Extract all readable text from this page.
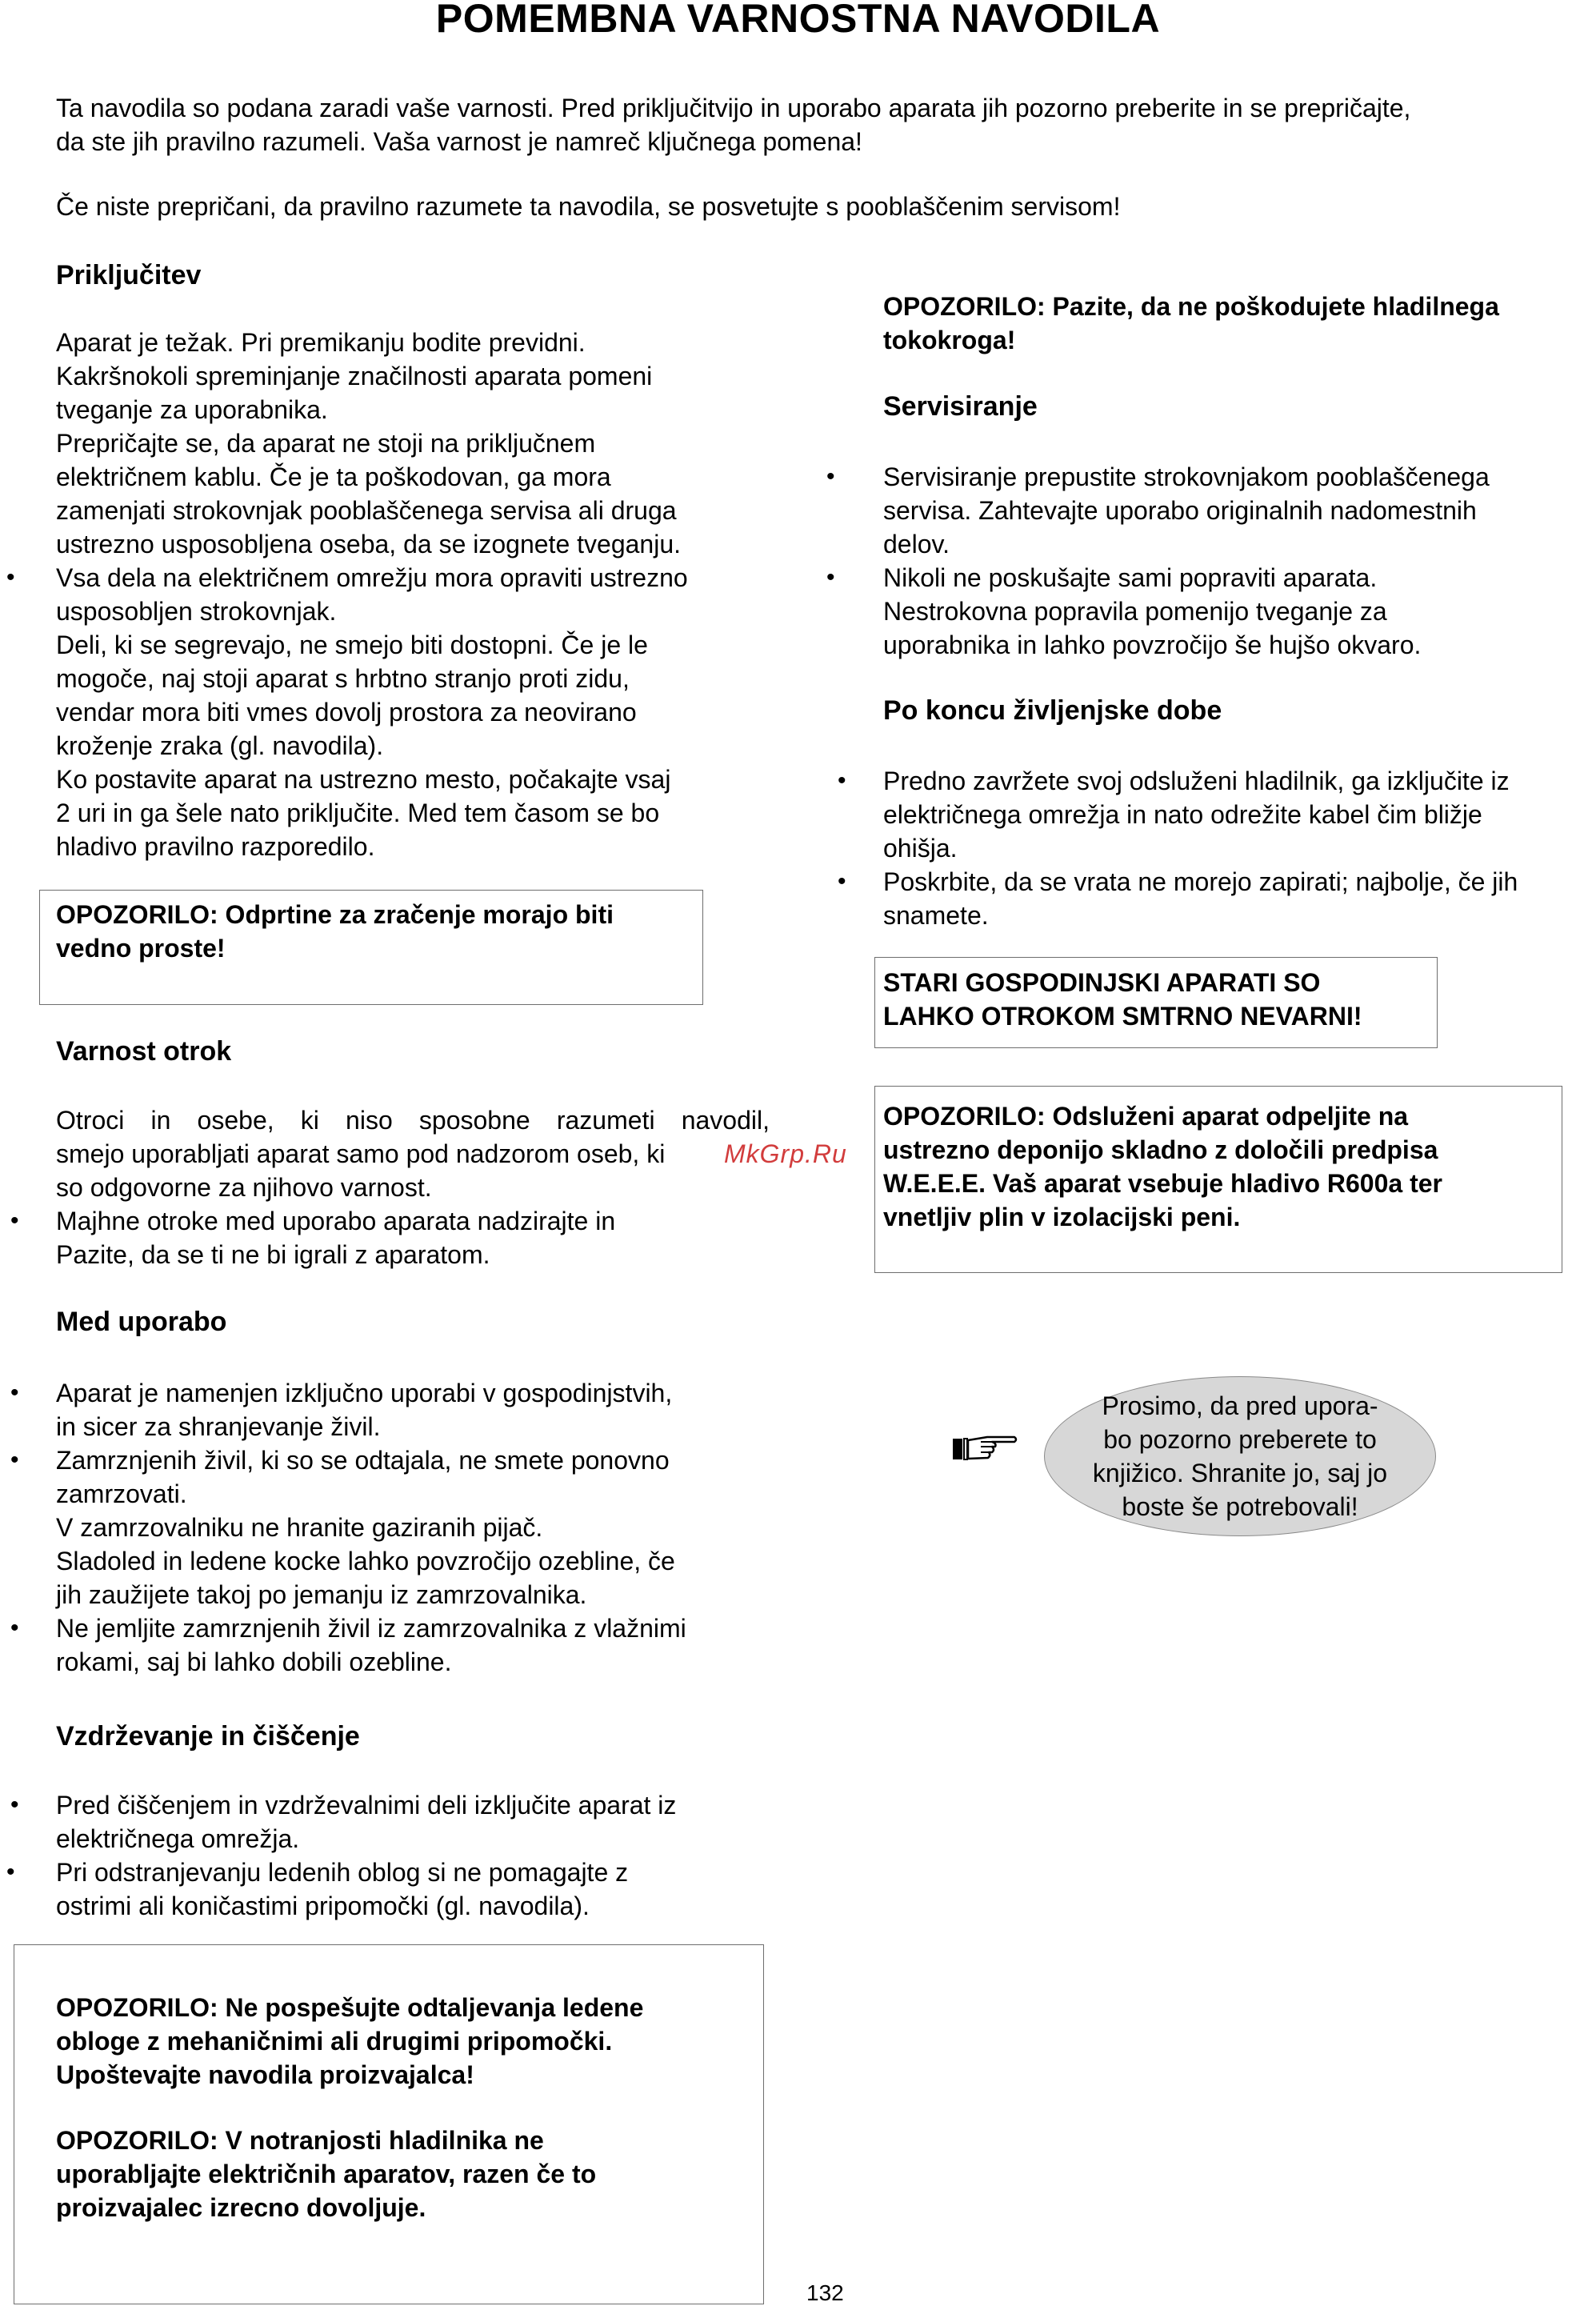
POMEMBNA VARNOSTNA NAVODILA
Ta navodila so podana zaradi vaše varnosti. Pred priključitvijo in uporabo aparata jih pozorno preberite in se prepričajte,
da ste jih pravilno razumeli. Vaša varnost je namreč ključnega pomena!
Če niste prepričani, da pravilno razumete ta navodila, se posvetujte s pooblaščenim servisom!
Priključitev

Aparat je težak. Pri premikanju bodite previdni.

Kakršnokoli spreminjanje značilnosti aparata pomeni

tveganje za uporabnika.

Prepričajte se, da aparat ne stoji na priključnem

električnem kablu. Če je ta poškodovan, ga mora

zamenjati strokovnjak pooblaščenega servisa ali druga

ustrezno usposobljena oseba, da se izognete tveganju.

Vsa dela na električnem omrežju mora opraviti ustrezno

usposobljen strokovnjak.

Deli, ki se segrevajo, ne smejo biti dostopni. Če je le

mogoče, naj stoji aparat s hrbtno stranjo proti zidu,

vendar mora biti vmes dovolj prostora za neovirano

kroženje zraka (gl. navodila).

Ko postavite aparat na ustrezno mesto, počakajte vsaj

2 uri in ga šele nato priključite. Med tem časom se bo

hladivo pravilno razporedilo.

•

OPOZORILO: Odprtine za zračenje morajo biti

vedno proste!

Varnost otrok

Otroci in osebe, ki niso sposobne razumeti navodil,

smejo uporabljati aparat samo pod nadzorom oseb, ki

so odgovorne za njihovo varnost.

Majhne otroke med uporabo aparata nadzirajte in

Pazite, da se ti ne bi igrali z aparatom.

•
Med uporabo

Aparat je namenjen izključno uporabi v gospodinjstvih,

in sicer za shranjevanje živil.

Zamrznjenih živil, ki so se odtajala, ne smete ponovno

zamrzovati.

V zamrzovalniku ne hranite gaziranih pijač.

Sladoled in ledene kocke lahko povzročijo ozebline, če

jih zaužijete takoj po jemanju iz zamrzovalnika.

Ne jemljite zamrznjenih živil iz zamrzovalnika z vlažnimi

rokami, saj bi lahko dobili ozebline.

•
•
•
Vzdrževanje in čiščenje

Pred čiščenjem in vzdrževalnimi deli izključite aparat iz

električnega omrežja.

Pri odstranjevanju ledenih oblog si ne pomagajte z

ostrimi ali koničastimi pripomočki (gl. navodila).

•
•

OPOZORILO: Ne pospešujte odtaljevanja ledene

obloge z mehaničnimi ali drugimi pripomočki.

Upoštevajte navodila proizvajalca!

OPOZORILO: V notranjosti hladilnika ne

uporabljajte električnih aparatov, razen če to

proizvajalec izrecno dovoljuje.

OPOZORILO: Pazite, da ne poškodujete hladilnega

tokokroga!

Servisiranje

Servisiranje prepustite strokovnjakom pooblaščenega

servisa. Zahtevajte uporabo originalnih nadomestnih

delov.

Nikoli ne poskušajte sami popraviti aparata.

Nestrokovna popravila pomenijo tveganje za

uporabnika in lahko povzročijo še hujšo okvaro.

•
•
Po koncu življenjske dobe

Predno zavržete svoj odsluženi hladilnik, ga izključite iz

električnega omrežja in nato odrežite kabel čim bližje

ohišja.

Poskrbite, da se vrata ne morejo zapirati; najbolje, če jih

snamete.

•
•

STARI GOSPODINJSKI APARATI SO

LAHKO OTROKOM SMTRNO NEVARNI!

OPOZORILO: Odsluženi aparat odpeljite na

ustrezno deponijo skladno z določili predpisa

W.E.E.E. Vaš aparat vsebuje hladivo R600a ter

vnetljiv plin v izolacijski peni.

MkGrp.Ru

Prosimo, da pred upora-

bo pozorno preberete to

knjižico. Shranite jo, saj jo

boste še potrebovali!

132
